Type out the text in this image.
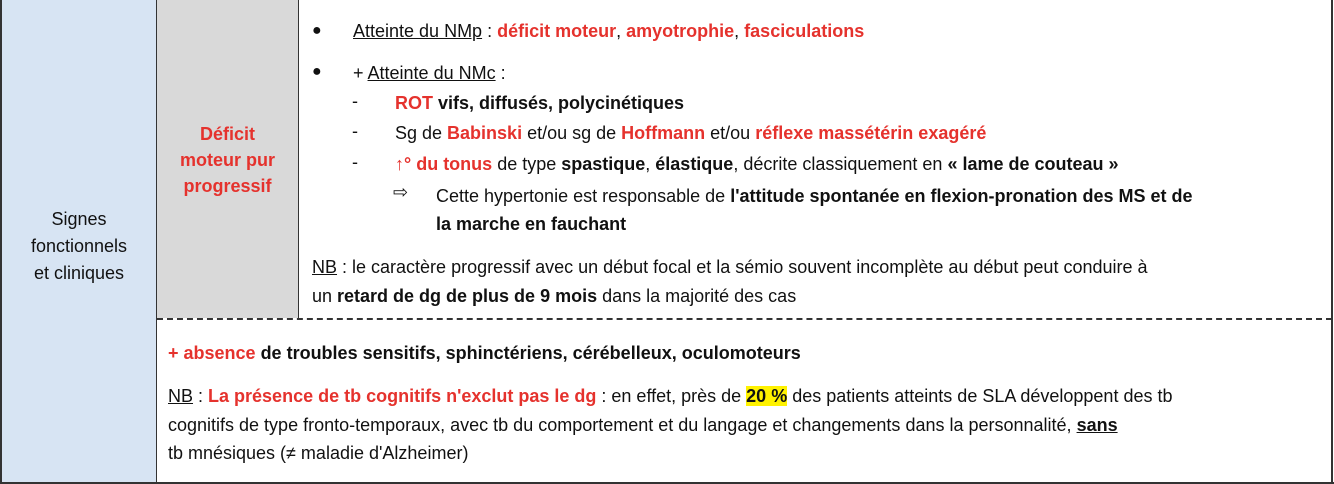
Signes
fonctionnels
et cliniques
Déficit
moteur pur
progressif
● Atteinte du NMp : déficit moteur, amyotrophie, fasciculations
● + Atteinte du NMc :
- ROT vifs, diffusés, polycinétiques
- Sg de Babinski et/ou sg de Hoffmann et/ou réflexe massétérin exagéré
- ↑° du tonus de type spastique, élastique, décrite classiquement en « lame de couteau »
⇨ Cette hypertonie est responsable de l'attitude spontanée en flexion-pronation des MS et de
la marche en fauchant
NB : le caractère progressif avec un début focal et la sémio souvent incomplète au début peut conduire à
un retard de dg de plus de 9 mois dans la majorité des cas
+ absence de troubles sensitifs, sphinctériens, cérébelleux, oculomoteurs
NB : La présence de tb cognitifs n'exclut pas le dg : en effet, près de 20 % des patients atteints de SLA développent des tb
cognitifs de type fronto-temporaux, avec tb du comportement et du langage et changements dans la personnalité, sans
tb mnésiques (≠ maladie d'Alzheimer)
